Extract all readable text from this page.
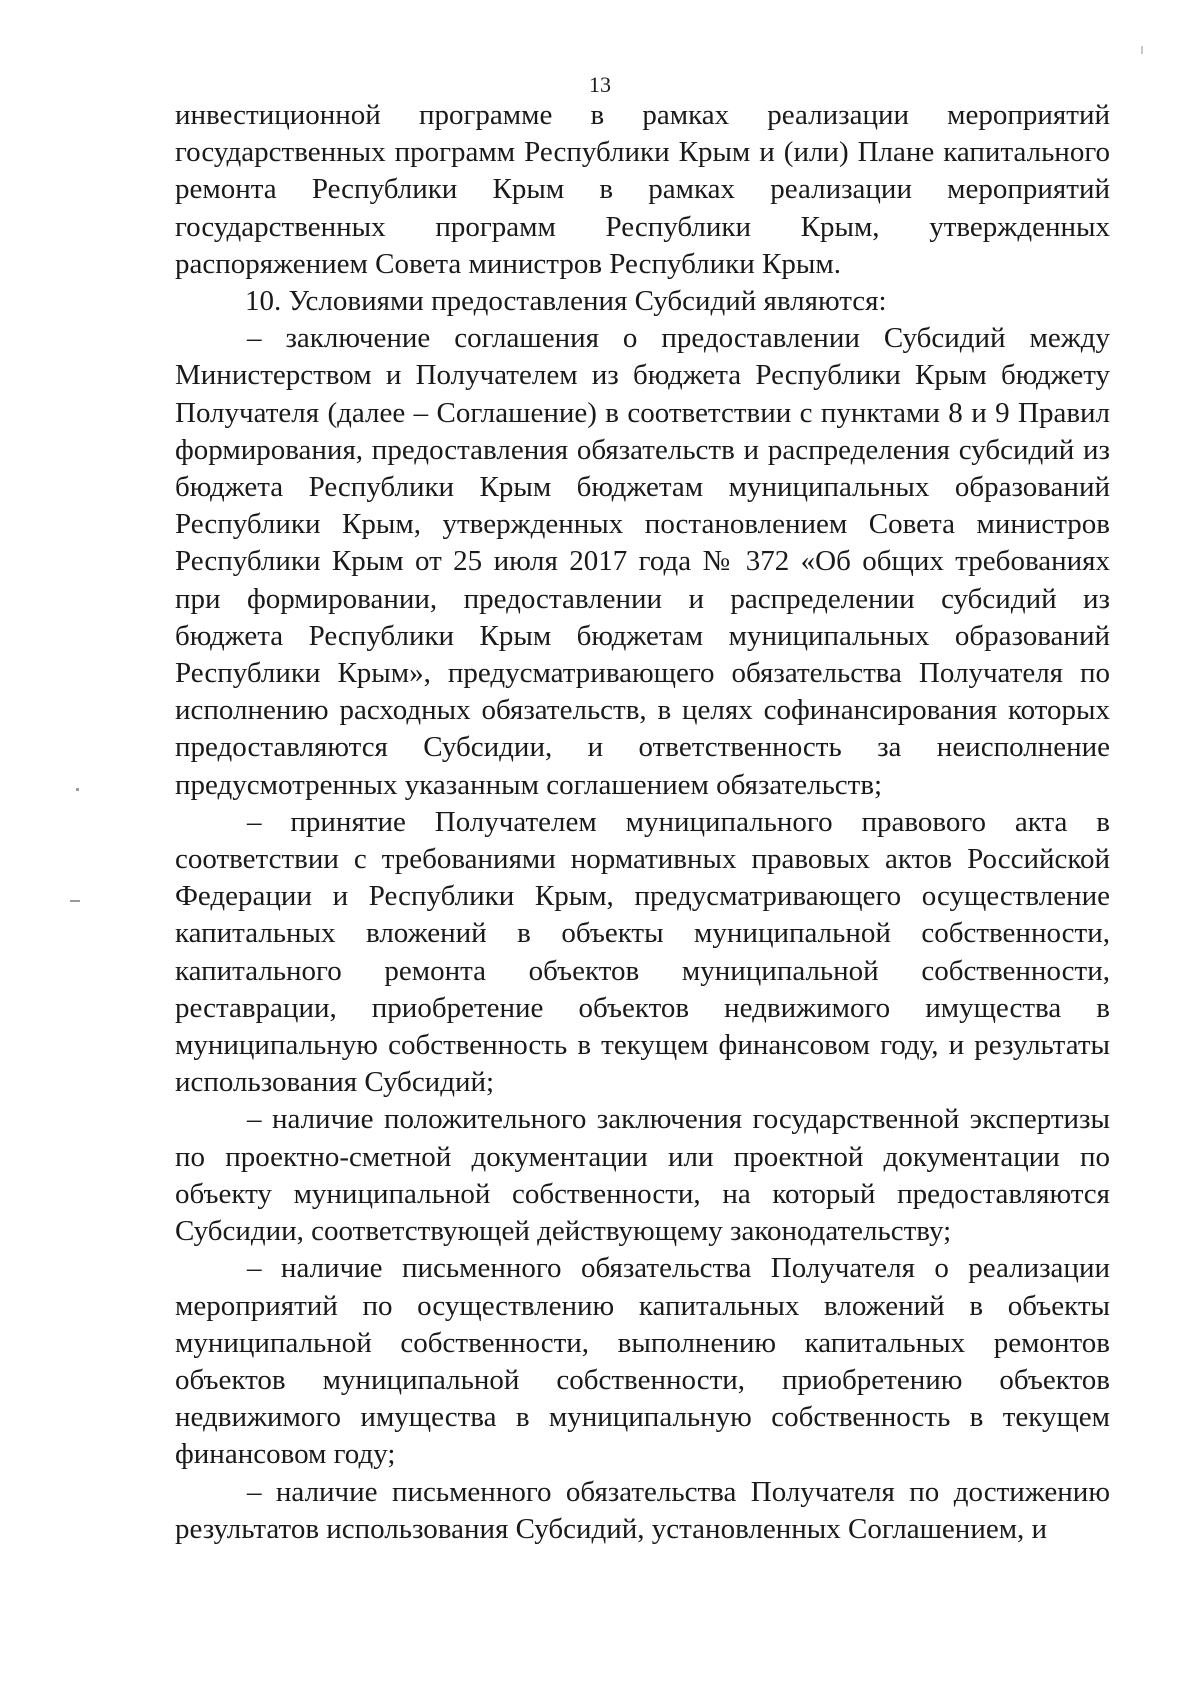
13

инвестиционной программе в рамках реализации мероприятий государственных программ Республики Крым и (или) Плане капитального ремонта Республики Крым в рамках реализации мероприятий государственных программ Республики Крым, утвержденных распоряжением Совета министров Республики Крым.

10. Условиями предоставления Субсидий являются:

– заключение соглашения о предоставлении Субсидий между Министерством и Получателем из бюджета Республики Крым бюджету Получателя (далее – Соглашение) в соответствии с пунктами 8 и 9 Правил формирования, предоставления обязательств и распределения субсидий из бюджета Республики Крым бюджетам муниципальных образований Республики Крым, утвержденных постановлением Совета министров Республики Крым от 25 июля 2017 года № 372 «Об общих требованиях при формировании, предоставлении и распределении субсидий из бюджета Республики Крым бюджетам муниципальных образований Республики Крым», предусматривающего обязательства Получателя по исполнению расходных обязательств, в целях софинансирования которых предоставляются Субсидии, и ответственность за неисполнение предусмотренных указанным соглашением обязательств;

– принятие Получателем муниципального правового акта в соответствии с требованиями нормативных правовых актов Российской Федерации и Республики Крым, предусматривающего осуществление капитальных вложений в объекты муниципальной собственности, капитального ремонта объектов муниципальной собственности, реставрации, приобретение объектов недвижимого имущества в муниципальную собственность в текущем финансовом году, и результаты использования Субсидий;

– наличие положительного заключения государственной экспертизы по проектно-сметной документации или проектной документации по объекту муниципальной собственности, на который предоставляются Субсидии, соответствующей действующему законодательству;

– наличие письменного обязательства Получателя о реализации мероприятий по осуществлению капитальных вложений в объекты муниципальной собственности, выполнению капитальных ремонтов объектов муниципальной собственности, приобретению объектов недвижимого имущества в муниципальную собственность в текущем финансовом году;

– наличие письменного обязательства Получателя по достижению результатов использования Субсидий, установленных Соглашением, и
